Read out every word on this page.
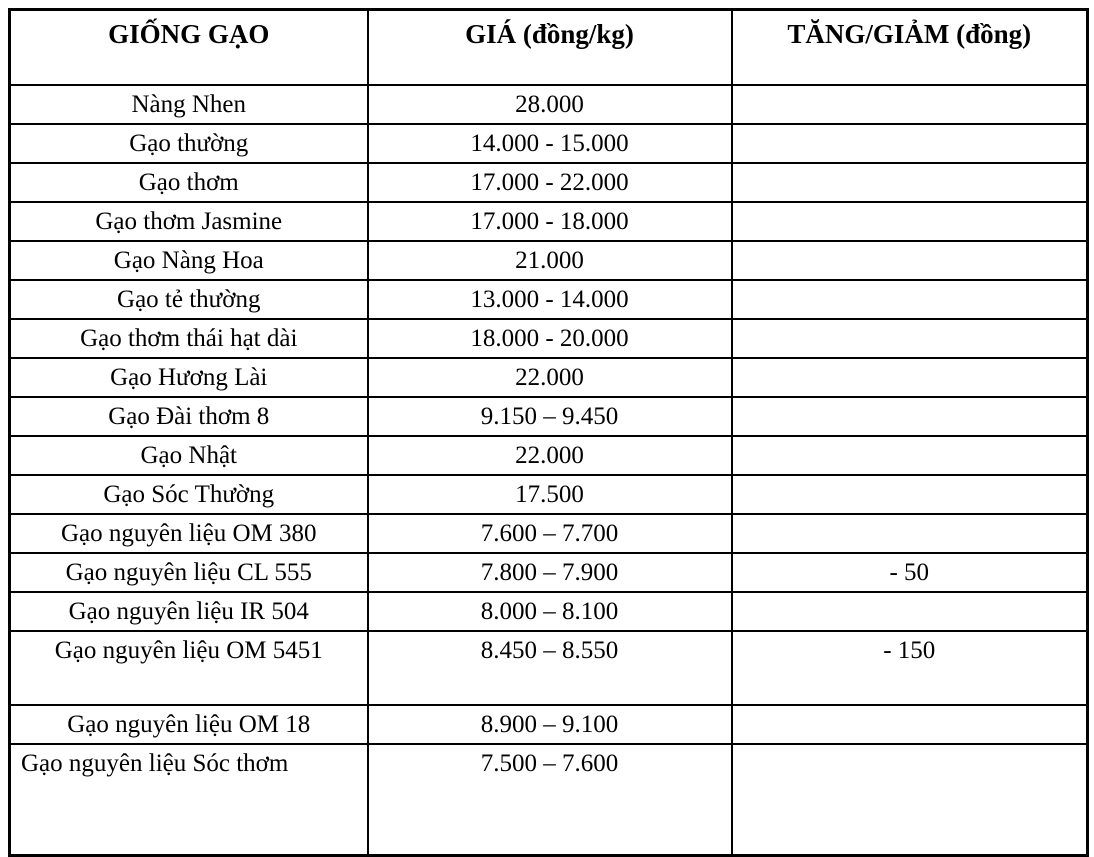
GIỐNG GẠO	GIÁ (đồng/kg)	TĂNG/GIẢM (đồng)
Nàng Nhen	28.000	
Gạo thường	14.000 - 15.000	
Gạo thơm	17.000 - 22.000	
Gạo thơm Jasmine	17.000 - 18.000	
Gạo Nàng Hoa	21.000	
Gạo tẻ thường	13.000 - 14.000	
Gạo thơm thái hạt dài	18.000 - 20.000	
Gạo Hương Lài	22.000	
Gạo Đài thơm 8	9.150 – 9.450	
Gạo Nhật	22.000	
Gạo Sóc Thường	17.500	
Gạo nguyên liệu OM 380	7.600 – 7.700	
Gạo nguyên liệu CL 555	7.800 – 7.900	- 50
Gạo nguyên liệu IR 504	8.000 – 8.100	
Gạo nguyên liệu OM 5451	8.450 – 8.550	- 150
Gạo nguyên liệu OM 18	8.900 – 9.100	
Gạo nguyên liệu Sóc thơm	7.500 – 7.600	
